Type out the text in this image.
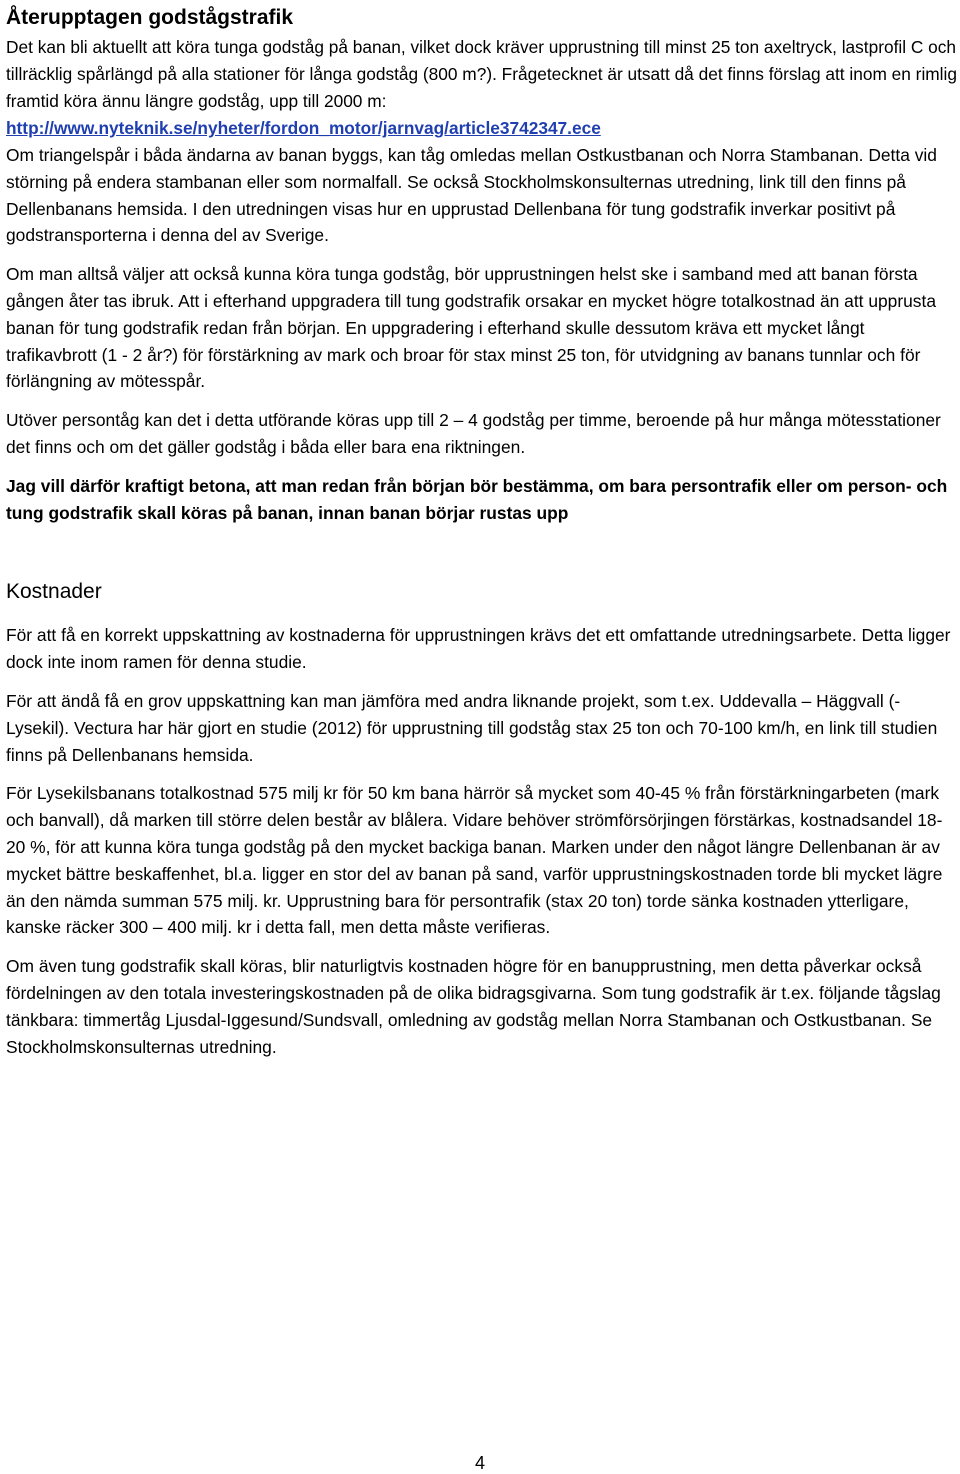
Återupptagen godstågstrafik

Det kan bli aktuellt att köra tunga godståg på banan, vilket dock kräver upprustning till minst 25 ton axeltryck, lastprofil C och tillräcklig spårlängd på alla stationer för långa godståg (800 m?). Frågetecknet är utsatt då det finns förslag att inom en rimlig framtid köra ännu längre godståg, upp till 2000 m: http://www.nyteknik.se/nyheter/fordon_motor/jarnvag/article3742347.ece

Om triangelspår i båda ändarna av banan byggs, kan tåg omledas mellan Ostkustbanan och Norra Stambanan. Detta vid störning på endera stambanan eller som normalfall. Se också Stockholmskonsulternas utredning, link till den finns på Dellenbanans hemsida. I den utredningen visas hur en upprustad Dellenbana för tung godstrafik inverkar positivt på godstransporterna i denna del av Sverige.

Om man alltså väljer att också kunna köra tunga godståg, bör upprustningen helst ske i samband med att banan första gången åter tas ibruk. Att i efterhand uppgradera till tung godstrafik orsakar en mycket högre totalkostnad än att upprusta banan för tung godstrafik redan från början. En uppgradering i efterhand skulle dessutom kräva ett mycket långt trafikavbrott (1 - 2 år?) för förstärkning av mark och broar för stax minst 25 ton, för utvidgning av banans tunnlar och för förlängning av mötesspår.

Utöver persontåg kan det i detta utförande köras upp till 2 – 4 godståg per timme, beroende på hur många mötesstationer det finns och om det gäller godståg i båda eller bara ena riktningen.

Jag vill därför kraftigt betona, att man redan från början bör bestämma, om bara persontrafik eller om person- och tung godstrafik skall köras på banan, innan banan börjar rustas upp

Kostnader

För att få en korrekt uppskattning av kostnaderna för upprustningen krävs det ett omfattande utredningsarbete. Detta ligger dock inte inom ramen för denna studie.

För att ändå få en grov uppskattning kan man jämföra med andra liknande projekt, som t.ex. Uddevalla – Häggvall (-Lysekil). Vectura har här gjort en studie (2012) för upprustning till godståg stax 25 ton och 70-100 km/h, en link till studien finns på Dellenbanans hemsida.

För Lysekilsbanans totalkostnad 575 milj kr för 50 km bana härrör så mycket som 40-45 % från förstärkningarbeten (mark och banvall), då marken till större delen består av blålera. Vidare behöver strömförsörjingen förstärkas, kostnadsandel 18-20 %, för att kunna köra tunga godståg på den mycket backiga banan. Marken under den något längre Dellenbanan är av mycket bättre beskaffenhet, bl.a. ligger en stor del av banan på sand, varför upprustningskostnaden torde bli mycket lägre än den nämda summan 575 milj. kr. Upprustning bara för persontrafik (stax 20 ton) torde sänka kostnaden ytterligare, kanske räcker 300 – 400 milj. kr i detta fall, men detta måste verifieras.

Om även tung godstrafik skall köras, blir naturligtvis kostnaden högre för en banupprustning, men detta påverkar också fördelningen av den totala investeringskostnaden på de olika bidragsgivarna. Som tung godstrafik är t.ex. följande tågslag tänkbara: timmertåg Ljusdal-Iggesund/Sundsvall, omledning av godståg mellan Norra Stambanan och Ostkustbanan. Se Stockholmskonsulternas utredning.

4
